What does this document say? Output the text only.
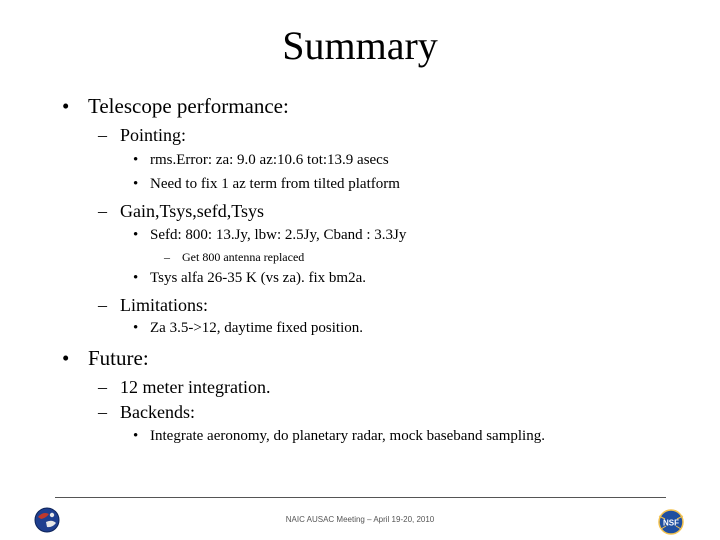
Summary
• Telescope performance:
– Pointing:
• rms.Error: za: 9.0 az:10.6 tot:13.9 asecs
• Need to fix 1 az term from tilted platform
– Gain,Tsys,sefd,Tsys
• Sefd: 800: 13.Jy, lbw: 2.5Jy, Cband : 3.3Jy
– Get 800 antenna replaced
• Tsys alfa 26-35 K (vs za). fix bm2a.
– Limitations:
• Za 3.5->12, daytime fixed position.
• Future:
– 12 meter integration.
– Backends:
• Integrate aeronomy, do planetary radar, mock baseband sampling.
NAIC AUSAC Meeting – April 19-20, 2010	NSF
